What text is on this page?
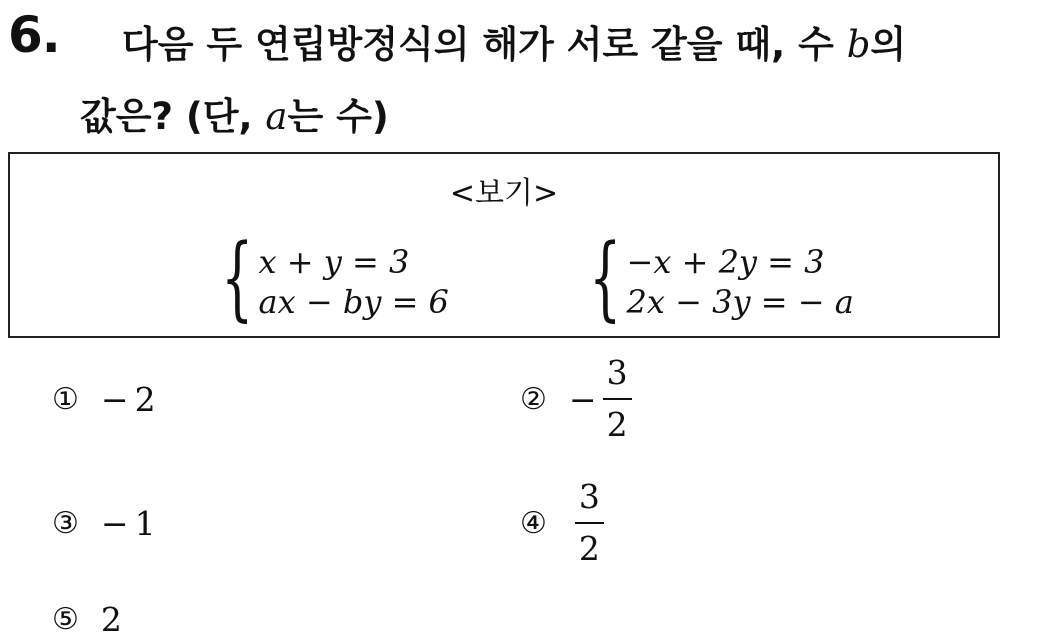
6. 다음 두 연립방정식의 해가 서로 같을 때, 수 b의
값은? (단, a는 수)
<보기>
{ x + y = 3
ax − by = 6 { −x + 2y = 3
2x − 3y = − a
① − 2	② − $\frac{3}{2}$
③ − 1	④ $\frac{3}{2}$
⑤ 2
